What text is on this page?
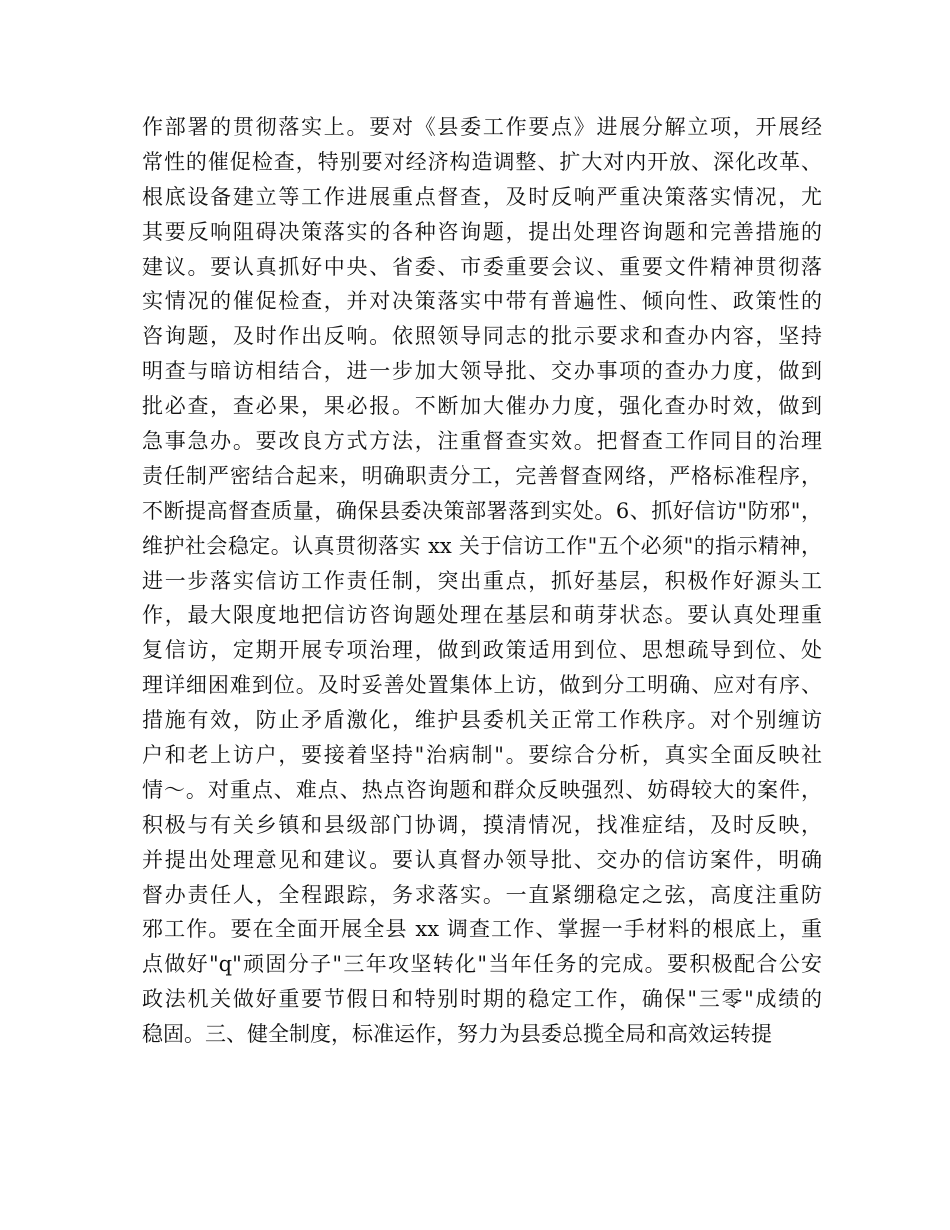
作部署的贯彻落实上。要对《县委工作要点》进展分解立项，开展经
常性的催促检查，特别要对经济构造调整、扩大对内开放、深化改革、
根底设备建立等工作进展重点督查，及时反响严重决策落实情况，尤
其要反响阻碍决策落实的各种咨询题，提出处理咨询题和完善措施的
建议。要认真抓好中央、省委、市委重要会议、重要文件精神贯彻落
实情况的催促检查，并对决策落实中带有普遍性、倾向性、政策性的
咨询题，及时作出反响。依照领导同志的批示要求和查办内容，坚持
明查与暗访相结合，进一步加大领导批、交办事项的查办力度，做到
批必查，查必果，果必报。不断加大催办力度，强化查办时效，做到
急事急办。要改良方式方法，注重督查实效。把督查工作同目的治理
责任制严密结合起来，明确职责分工，完善督查网络，严格标准程序，
不断提高督查质量，确保县委决策部署落到实处。6、抓好信访"防邪"，
维护社会稳定。认真贯彻落实 xx 关于信访工作"五个必须"的指示精神，
进一步落实信访工作责任制，突出重点，抓好基层，积极作好源头工
作，最大限度地把信访咨询题处理在基层和萌芽状态。要认真处理重
复信访，定期开展专项治理，做到政策适用到位、思想疏导到位、处
理详细困难到位。及时妥善处置集体上访，做到分工明确、应对有序、
措施有效，防止矛盾激化，维护县委机关正常工作秩序。对个别缠访
户和老上访户，要接着坚持"治病制"。要综合分析，真实全面反映社
情～。对重点、难点、热点咨询题和群众反映强烈、妨碍较大的案件，
积极与有关乡镇和县级部门协调，摸清情况，找准症结，及时反映，
并提出处理意见和建议。要认真督办领导批、交办的信访案件，明确
督办责任人，全程跟踪，务求落实。一直紧绷稳定之弦，高度注重防
邪工作。要在全面开展全县 xx 调查工作、掌握一手材料的根底上，重
点做好"q"顽固分子"三年攻坚转化"当年任务的完成。要积极配合公安
政法机关做好重要节假日和特别时期的稳定工作，确保"三零"成绩的
稳固。三、健全制度，标准运作，努力为县委总揽全局和高效运转提
